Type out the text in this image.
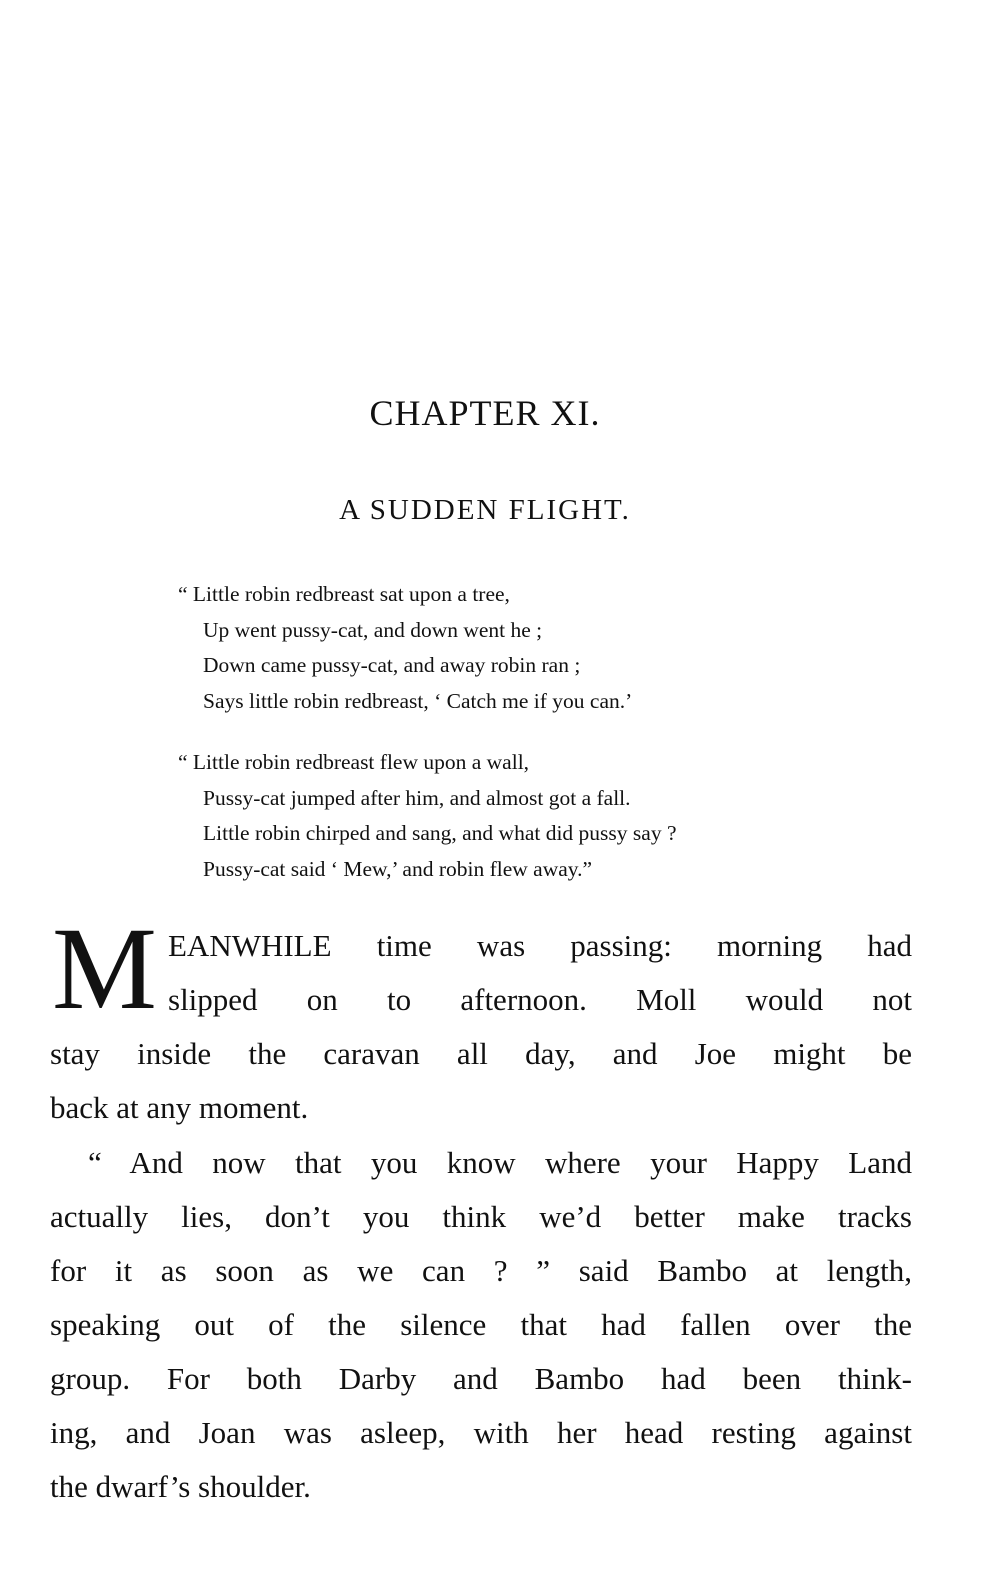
CHAPTER XI.
A SUDDEN FLIGHT.
“ Little robin redbreast sat upon a tree,
Up went pussy-cat, and down went he ;
Down came pussy-cat, and away robin ran ;
Says little robin redbreast, ‘ Catch me if you can.’
“ Little robin redbreast flew upon a wall,
Pussy-cat jumped after him, and almost got a fall.
Little robin chirped and sang, and what did pussy say ?
Pussy-cat said ‘ Mew,’ and robin flew away.”
M EANWHILE time was passing: morning had
slipped on to afternoon. Moll would not
stay inside the caravan all day, and Joe might be
back at any moment.
“ And now that you know where your Happy Land
actually lies, don’t you think we’d better make tracks
for it as soon as we can ? ” said Bambo at length,
speaking out of the silence that had fallen over the
group. For both Darby and Bambo had been think-
ing, and Joan was asleep, with her head resting against
the dwarf’s shoulder.
